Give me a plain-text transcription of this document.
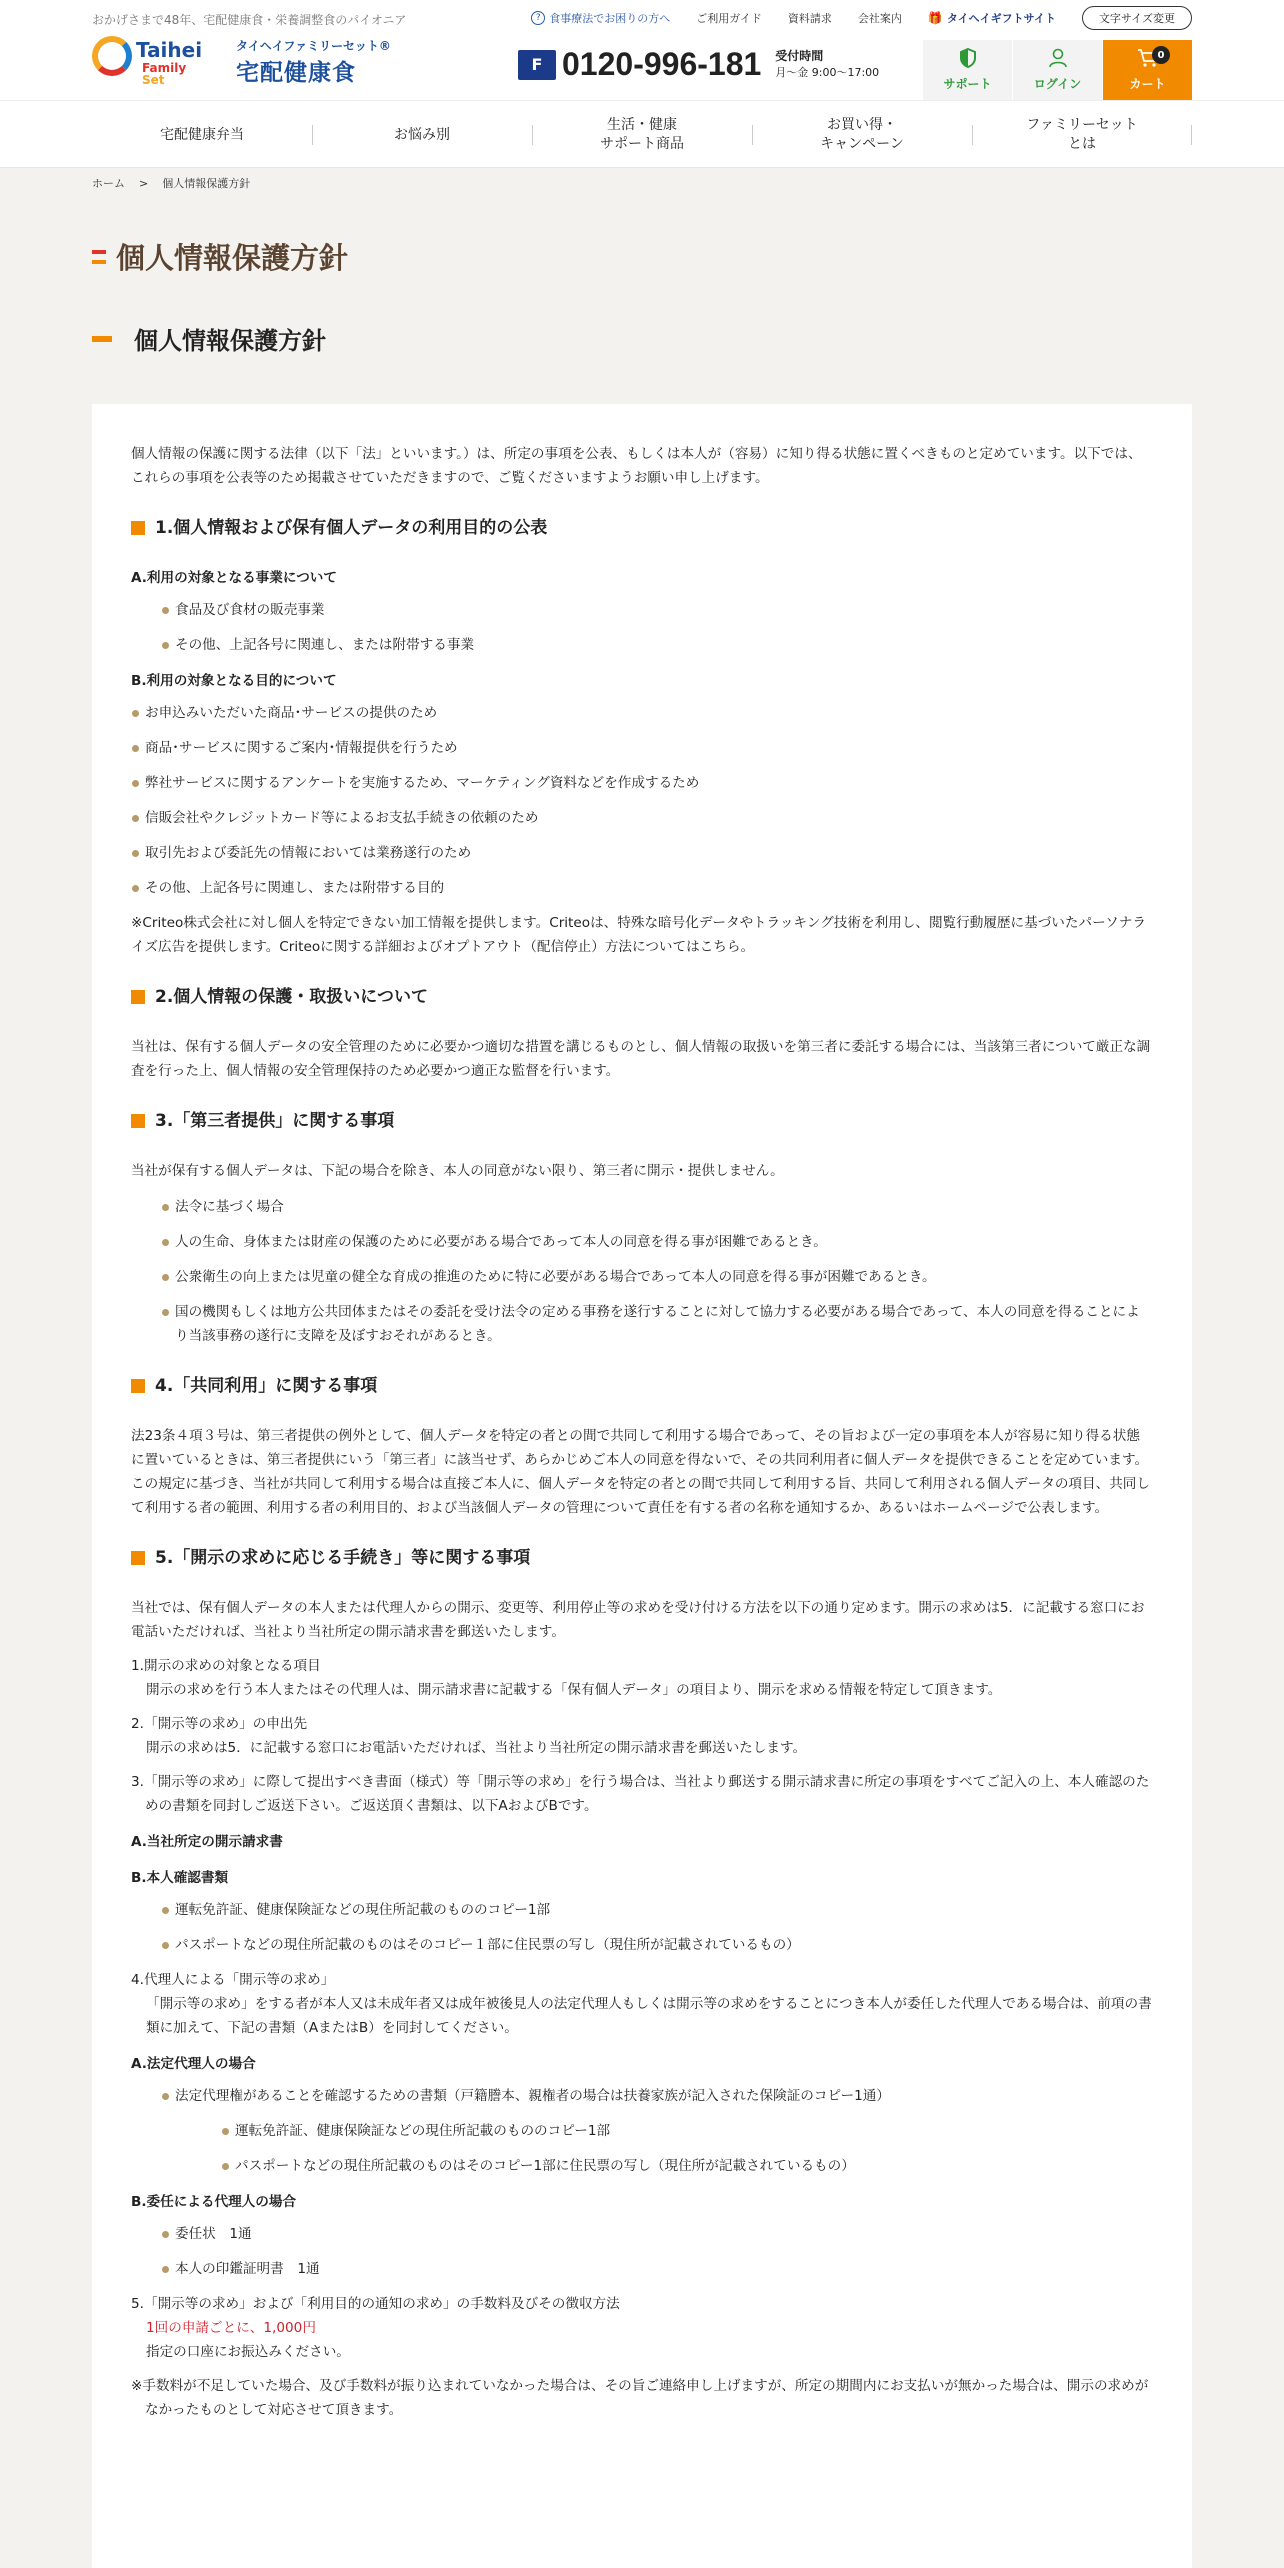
おかげさまで48年、宅配健康食・栄養調整食のパイオニア	? 食事療法でお困りの方へ ご利用ガイド 資料請求 会社案内 🎁 タイヘイギフトサイト	文字サイズ変更
Taihei
Family
Set
タイヘイファミリーセット®
宅配健康食	F 0120-996-181 受付時間
月〜金 9:00〜17:00
サポート	ログイン	カート
0
宅配健康弁当	お悩み別
生活・健康
サポート商品
お買い得・
キャンペーン
ファミリーセット
とは
ホーム > 個人情報保護方針
個人情報保護方針
個人情報保護方針

個人情報の保護に関する法律（以下「法」といいます。）は、所定の事項を公表、もしくは本人が（容易）に知り得る状態に置くべきものと定めています。以下では、これらの事項を公表等のため掲載させていただきますので、ご覧くださいますようお願い申し上げます。

1.個人情報および保有個人データの利用目的の公表
A.利用の対象となる事業について
食品及び食材の販売事業
その他、上記各号に関連し、または附帯する事業
B.利用の対象となる目的について
お申込みいただいた商品･サービスの提供のため
商品･サービスに関するご案内･情報提供を行うため
弊社サービスに関するアンケートを実施するため、マーケティング資料などを作成するため
信販会社やクレジットカード等によるお支払手続きの依頼のため
取引先および委託先の情報においては業務遂行のため
その他、上記各号に関連し、または附帯する目的

※Criteo株式会社に対し個人を特定できない加工情報を提供します。Criteoは、特殊な暗号化データやトラッキング技術を利用し、閲覧行動履歴に基づいたパーソナライズ広告を提供します。Criteoに関する詳細およびオプトアウト（配信停止）方法についてはこちら。

2.個人情報の保護・取扱いについて

当社は、保有する個人データの安全管理のために必要かつ適切な措置を講じるものとし、個人情報の取扱いを第三者に委託する場合には、当該第三者について厳正な調査を行った上、個人情報の安全管理保持のため必要かつ適正な監督を行います。

3.「第三者提供」に関する事項

当社が保有する個人データは、下記の場合を除き、本人の同意がない限り、第三者に開示・提供しません。

法令に基づく場合
人の生命、身体または財産の保護のために必要がある場合であって本人の同意を得る事が困難であるとき。
公衆衛生の向上または児童の健全な育成の推進のために特に必要がある場合であって本人の同意を得る事が困難であるとき。
国の機関もしくは地方公共団体またはその委託を受け法令の定める事務を遂行することに対して協力する必要がある場合であって、本人の同意を得ることにより当該事務の遂行に支障を及ぼすおそれがあるとき。
4.「共同利用」に関する事項

法23条４項３号は、第三者提供の例外として、個人データを特定の者との間で共同して利用する場合であって、その旨および一定の事項を本人が容易に知り得る状態に置いているときは、第三者提供にいう「第三者」に該当せず、あらかじめご本人の同意を得ないで、その共同利用者に個人データを提供できることを定めています。この規定に基づき、当社が共同して利用する場合は直接ご本人に、個人データを特定の者との間で共同して利用する旨、共同して利用される個人データの項目、共同して利用する者の範囲、利用する者の利用目的、および当該個人データの管理について責任を有する者の名称を通知するか、あるいはホームページで公表します。

5.「開示の求めに応じる手続き」等に関する事項

当社では、保有個人データの本人または代理人からの開示、変更等、利用停止等の求めを受け付ける方法を以下の通り定めます。開示の求めは5．に記載する窓口にお電話いただければ、当社より当社所定の開示請求書を郵送いたします。

1.開示の求めの対象となる項目
開示の求めを行う本人またはその代理人は、開示請求書に記載する「保有個人データ」の項目より、開示を求める情報を特定して頂きます。
2.「開示等の求め」の申出先
開示の求めは5．に記載する窓口にお電話いただければ、当社より当社所定の開示請求書を郵送いたします。
3.「開示等の求め」に際して提出すべき書面（様式）等「開示等の求め」を行う場合は、当社より郵送する開示請求書に所定の事項をすべてご記入の上、本人確認のための書類を同封しご返送下さい。ご返送頂く書類は、以下AおよびBです。
A.当社所定の開示請求書
B.本人確認書類
運転免許証、健康保険証などの現住所記載のもののコピー1部
パスポートなどの現住所記載のものはそのコピー１部に住民票の写し（現住所が記載されているもの）
4.代理人による「開示等の求め」
「開示等の求め」をする者が本人又は未成年者又は成年被後見人の法定代理人もしくは開示等の求めをすることにつき本人が委任した代理人である場合は、前項の書類に加えて、下記の書類（AまたはB）を同封してください。
A.法定代理人の場合
法定代理権があることを確認するための書類（戸籍謄本、親権者の場合は扶養家族が記入された保険証のコピー1通）
運転免許証、健康保険証などの現住所記載のもののコピー1部
パスポートなどの現住所記載のものはそのコピー1部に住民票の写し（現住所が記載されているもの）
B.委任による代理人の場合
委任状　1通
本人の印鑑証明書　1通
5.「開示等の求め」および「利用目的の通知の求め」の手数料及びその徴収方法
1回の申請ごとに、1,000円
指定の口座にお振込みください。

※手数料が不足していた場合、及び手数料が振り込まれていなかった場合は、その旨ご連絡申し上げますが、所定の期間内にお支払いが無かった場合は、開示の求めがなかったものとして対応させて頂きます。
